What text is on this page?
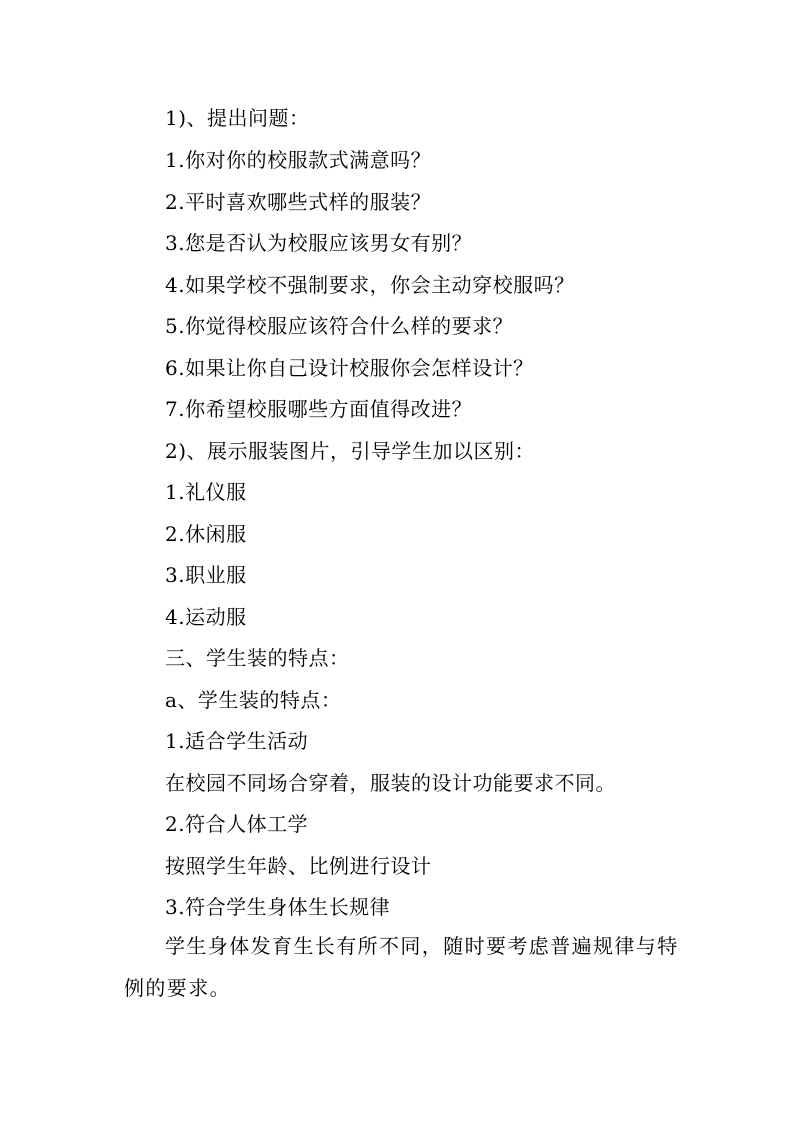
1)、提出问题：
1.你对你的校服款式满意吗？
2.平时喜欢哪些式样的服装？
3.您是否认为校服应该男女有别？
4.如果学校不强制要求，你会主动穿校服吗？
5.你觉得校服应该符合什么样的要求？
6.如果让你自己设计校服你会怎样设计？
7.你希望校服哪些方面值得改进？
2)、展示服装图片，引导学生加以区别：
1.礼仪服
2.休闲服
3.职业服
4.运动服
三、学生装的特点：
a、学生装的特点：
1.适合学生活动
在校园不同场合穿着，服装的设计功能要求不同。
2.符合人体工学
按照学生年龄、比例进行设计
3.符合学生身体生长规律
学生身体发育生长有所不同，随时要考虑普遍规律与特例的要求。
